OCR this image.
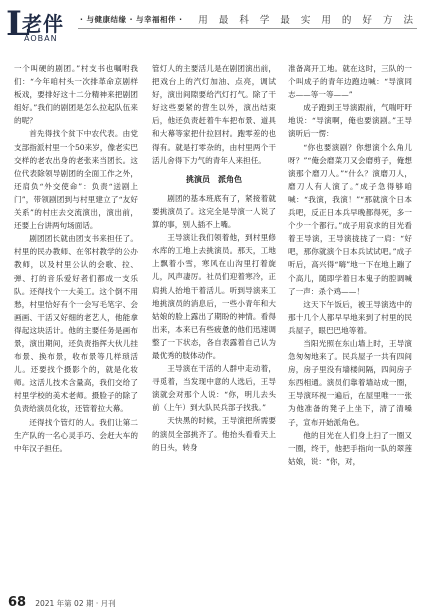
L
老伴
AOBAN
· 与健康结缘 · 与幸福相伴 · 用 最 科 学 最 实 用 的 好 方 法

一个叫硬的剧团。”村支书也嘱咐我们：“今年咱村头一次排革命京剧样板戏，要排好这十二分精神来把剧团组好。”我们的剧团是怎么拉起队伍来的呢？

首先得找个贫下中农代表。由党支部指派村里一个50来岁，像老实巴交样的老农出身的老张来当团长。这位代表除领导剧团的全面工作之外，还肩负“外交使命”：负责“送剧上门”，带领剧团到与村里建立了“友好关系”的村庄去交流演出，演出前，还要上台讲两句场面话。

剧团团长就由团支书来担任了。村里的民办教师、在邻村教学的公办教师，以及村里公认的会歌、拉、弹、打的音乐爱好者们都成一支乐队。还得找个一大美工。这个倒不用愁，村里恰好有个一会写毛笔字、会画画、干活又好细的老艺人，他能拿得起这块活计。他的主要任务是画布景，演出期间，还负责指挥大伙儿挂布景、换布景，收布景等几样琐活儿。还要找个摄影个的，就是化妆师。这活儿技术含量高，我们交给了村里学校的美术老师。摄脸子的除了负责给演员化妆，还管着拉大幕。

还得找个管灯的人。我们让第二生产队的一名心灵手巧、会赶大车的中年汉子担任。

管灯人的主要活儿是在剧团演出前，把戏台上的汽灯加油、点亮，调试好，演出间隙要给汽灯打气。除了干好这些要紧的营生以外，演出结束后，他还负责赶着牛车把布景、道具和大幕等家把什拉回村。跑零差的也得有。就是打零杂的，由村里两个干活儿舍得下力气的青年人来担任。

挑演员　派角色

剧团的基本班底有了，紧接着就要挑演员了。这完全是导演一人说了算的事，别人插不上嘴。

王导演让我们领着他，到村里修水库的工地上去挑演员。那天，工地上飘着小雪，寒风在山沟里打着旋儿，风声凄厉。社员们迎着寒冷，正肩挑人抬地干着活儿。听到导演来工地挑演员的消息后，一些小青年和大姑娘的脸上露出了期盼的神情。看得出来，本来已有些疲惫的他们迅速调整了一下状态，各自表露着自己认为最优秀的肢体动作。

王导演在干活的人群中走动着，寻觅着，当发现中意的人选后，王导演就会对那个人说：“你，明儿去头前（上午）到大队民兵部子找我。”

天快黑的时候，王导演把所需要的演员全部挑齐了。他抬头看看天上的日头，转身

准备离开工地。就在这时，三队的一个叫成子的青年边跑边喊：“导演同志——等一等——”

成子跑到王导演跟前，气喘吁吁地说：“导演啊，俺也要演剧。”王导演听后一愣：

“你也要演剧？你想演个么角儿呀？”“俺会磨菜刀又会磨剪子，俺想演那个磨刀人。”“什么？演磨刀人，磨刀人有人演了。”成子急得够咱喊：“我演，我演！”“那就演个日本兵吧，反正日本兵早晚都得死，多一个少一个都行。”成子用哀求的目光看着王导演，王导演拢拢了一肩：“好吧，那你就演个日本兵试试吧。”成子听后，高兴得“嗨”地一下在地上蹦了个高儿，随即学着日本鬼子的腔调喊了一声：杀个鸡——！

这天下午饭后，被王导演选中的那十几个人都早早地来到了村里的民兵屋子，眼巴巴地等着。

当阳光照在东山墙上时，王导演急匆匆地来了。民兵屋子一共有四间房，房子里没有墙楼间隔，四间房子东西相通。演员们靠着墙站成一圈，王导演环视一遍后，在屋里唯一一张为他准备的凳子上坐下，清了清嗓子，宣布开始派角色。

他的目光在人们身上扫了一圈又一圈，终于，他把手指向一队的翠莲姑娘，说：“你，对，

68 2021 年第 02 期 · 月刊
